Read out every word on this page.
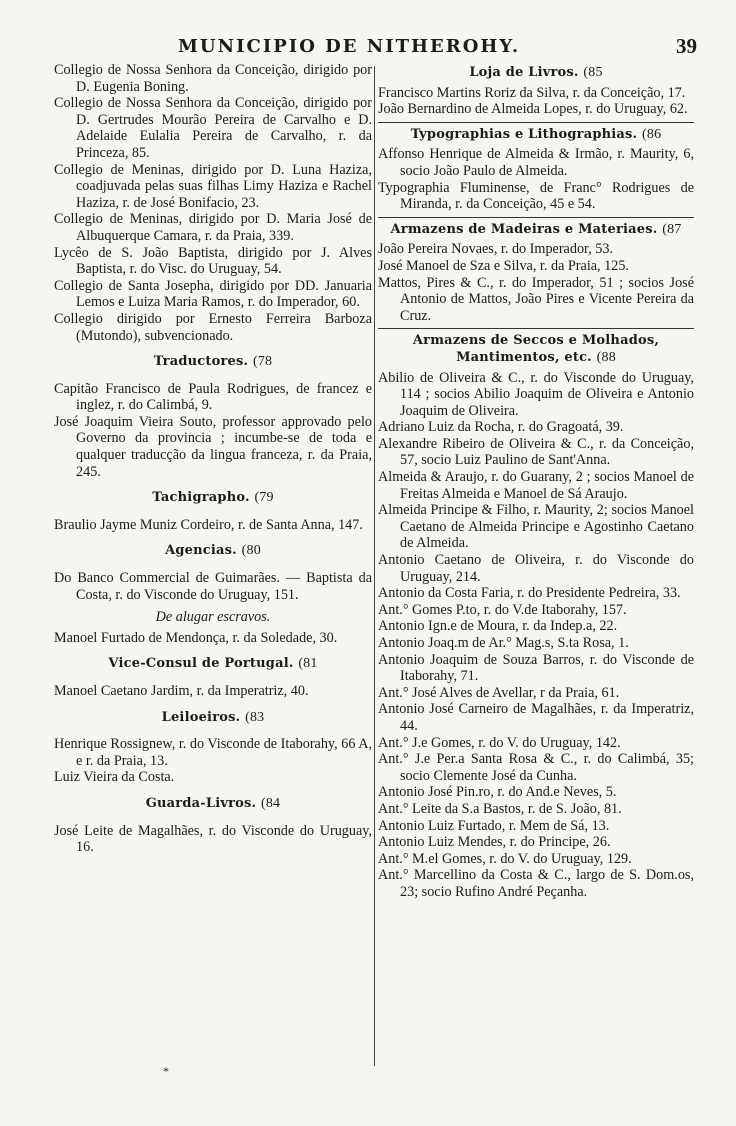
MUNICIPIO DE NITHEROHY.	39

Collegio de Nossa Senhora da Conceição, dirigido por D. Eugenia Boning.

Collegio de Nossa Senhora da Conceição, dirigido por D. Gertrudes Mourão Pereira de Carvalho e D. Adelaide Eulalia Pereira de Carvalho, r. da Princeza, 85.

Collegio de Meninas, dirigido por D. Luna Haziza, coadjuvada pelas suas filhas Limy Haziza e Rachel Haziza, r. de José Bonifacio, 23.

Collegio de Meninas, dirigido por D. Maria José de Albuquerque Camara, r. da Praia, 339.

Lycêo de S. João Baptista, dirigido por J. Alves Baptista, r. do Visc. do Uruguay, 54.

Collegio de Santa Josepha, dirigido por DD. Januaria Lemos e Luiza Maria Ramos, r. do Imperador, 60.

Collegio dirigido por Ernesto Ferreira Barboza (Mutondo), subvencionado.

Traductores. (78

Capitão Francisco de Paula Rodrigues, de francez e inglez, r. do Calimbá, 9.

José Joaquim Vieira Souto, professor approvado pelo Governo da provincia ; incumbe-se de toda e qualquer traducção da lingua franceza, r. da Praia, 245.

Tachigrapho. (79

Braulio Jayme Muniz Cordeiro, r. de Santa Anna, 147.

Agencias. (80

Do Banco Commercial de Guimarães. — Baptista da Costa, r. do Visconde do Uruguay, 151.

De alugar escravos.

Manoel Furtado de Mendonça, r. da Soledade, 30.

Vice-Consul de Portugal. (81

Manoel Caetano Jardim, r. da Imperatriz, 40.

Leiloeiros. (83

Henrique Rossignew, r. do Visconde de Itaborahy, 66 A, e r. da Praia, 13.

Luiz Vieira da Costa.

Guarda-Livros. (84

José Leite de Magalhães, r. do Visconde do Uruguay, 16.

Loja de Livros. (85

Francisco Martins Roriz da Silva, r. da Conceição, 17.

João Bernardino de Almeida Lopes, r. do Uruguay, 62.

Typographias e Lithographias. (86

Affonso Henrique de Almeida & Irmão, r. Maurity, 6, socio João Paulo de Almeida.

Typographia Fluminense, de Franc° Rodrigues de Miranda, r. da Conceição, 45 e 54.

Armazens de Madeiras e Materiaes. (87

João Pereira Novaes, r. do Imperador, 53.

José Manoel de Sza e Silva, r. da Praia, 125.

Mattos, Pires & C., r. do Imperador, 51 ; socios José Antonio de Mattos, João Pires e Vicente Pereira da Cruz.

Armazens de Seccos e Molhados, Mantimentos, etc. (88

Abilio de Oliveira & C., r. do Visconde do Uruguay, 114 ; socios Abilio Joaquim de Oliveira e Antonio Joaquim de Oliveira.

Adriano Luiz da Rocha, r. do Gragoatá, 39.

Alexandre Ribeiro de Oliveira & C., r. da Conceição, 57, socio Luiz Paulino de Sant'Anna.

Almeida & Araujo, r. do Guarany, 2 ; socios Manoel de Freitas Almeida e Manoel de Sá Araujo.

Almeida Principe & Filho, r. Maurity, 2; socios Manoel Caetano de Almeida Principe e Agostinho Caetano de Almeida.

Antonio Caetano de Oliveira, r. do Visconde do Uruguay, 214.

Antonio da Costa Faria, r. do Presidente Pedreira, 33.

Ant.° Gomes P.to, r. do V.de Itaborahy, 157.

Antonio Ign.e de Moura, r. da Indep.a, 22.

Antonio Joaq.m de Ar.° Mag.s, S.ta Rosa, 1.

Antonio Joaquim de Souza Barros, r. do Visconde de Itaborahy, 71.

Ant.° José Alves de Avellar, r da Praia, 61.

Antonio José Carneiro de Magalhães, r. da Imperatriz, 44.

Ant.° J.e Gomes, r. do V. do Uruguay, 142.

Ant.° J.e Per.a Santa Rosa & C., r. do Calimbá, 35; socio Clemente José da Cunha.

Antonio José Pin.ro, r. do And.e Neves, 5.

Ant.° Leite da S.a Bastos, r. de S. João, 81.

Antonio Luiz Furtado, r. Mem de Sá, 13.

Antonio Luiz Mendes, r. do Principe, 26.

Ant.° M.el Gomes, r. do V. do Uruguay, 129.

Ant.° Marcellino da Costa & C., largo de S. Dom.os, 23; socio Rufino André Peçanha.

*
